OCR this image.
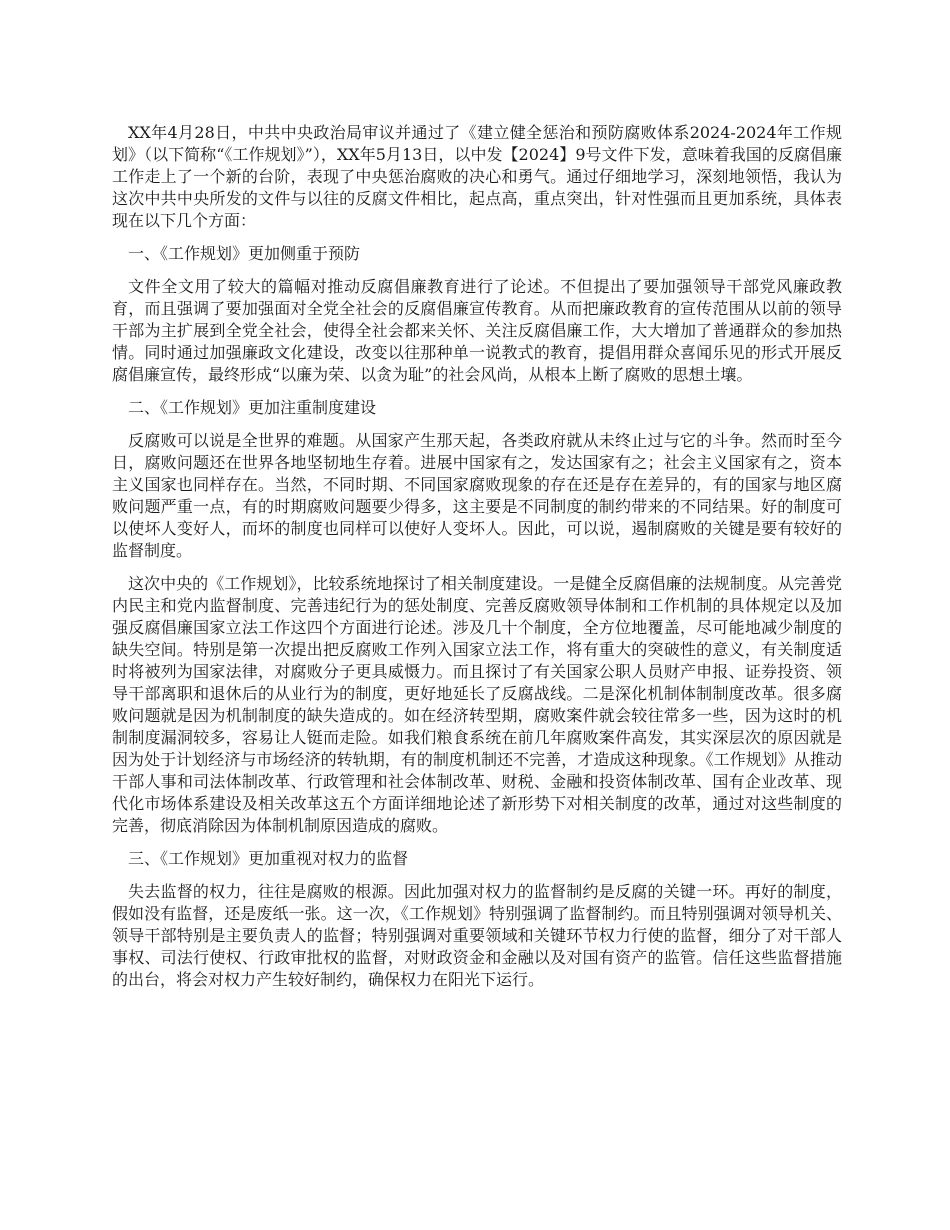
XX年4月28日，中共中央政治局审议并通过了《建立健全惩治和预防腐败体系2024-2024年工作规划》（以下简称“《工作规划》”），XX年5月13日，以中发【2024】9号文件下发，意味着我国的反腐倡廉工作走上了一个新的台阶，表现了中央惩治腐败的决心和勇气。通过仔细地学习，深刻地领悟，我认为这次中共中央所发的文件与以往的反腐文件相比，起点高，重点突出，针对性强而且更加系统，具体表现在以下几个方面：

一、《工作规划》更加侧重于预防

文件全文用了较大的篇幅对推动反腐倡廉教育进行了论述。不但提出了要加强领导干部党风廉政教育，而且强调了要加强面对全党全社会的反腐倡廉宣传教育。从而把廉政教育的宣传范围从以前的领导干部为主扩展到全党全社会，使得全社会都来关怀、关注反腐倡廉工作，大大增加了普通群众的参加热情。同时通过加强廉政文化建设，改变以往那种单一说教式的教育，提倡用群众喜闻乐见的形式开展反腐倡廉宣传，最终形成“以廉为荣、以贪为耻”的社会风尚，从根本上断了腐败的思想土壤。

二、《工作规划》更加注重制度建设

反腐败可以说是全世界的难题。从国家产生那天起，各类政府就从未终止过与它的斗争。然而时至今日，腐败问题还在世界各地坚韧地生存着。进展中国家有之，发达国家有之；社会主义国家有之，资本主义国家也同样存在。当然，不同时期、不同国家腐败现象的存在还是存在差异的，有的国家与地区腐败问题严重一点，有的时期腐败问题要少得多，这主要是不同制度的制约带来的不同结果。好的制度可以使坏人变好人，而坏的制度也同样可以使好人变坏人。因此，可以说，遏制腐败的关键是要有较好的监督制度。

这次中央的《工作规划》，比较系统地探讨了相关制度建设。一是健全反腐倡廉的法规制度。从完善党内民主和党内监督制度、完善违纪行为的惩处制度、完善反腐败领导体制和工作机制的具体规定以及加强反腐倡廉国家立法工作这四个方面进行论述。涉及几十个制度，全方位地覆盖，尽可能地减少制度的缺失空间。特别是第一次提出把反腐败工作列入国家立法工作，将有重大的突破性的意义，有关制度适时将被列为国家法律，对腐败分子更具威慑力。而且探讨了有关国家公职人员财产申报、证券投资、领导干部离职和退休后的从业行为的制度，更好地延长了反腐战线。二是深化机制体制制度改革。很多腐败问题就是因为机制制度的缺失造成的。如在经济转型期，腐败案件就会较往常多一些，因为这时的机制制度漏洞较多，容易让人铤而走险。如我们粮食系统在前几年腐败案件高发，其实深层次的原因就是因为处于计划经济与市场经济的转轨期，有的制度机制还不完善，才造成这种现象。《工作规划》从推动干部人事和司法体制改革、行政管理和社会体制改革、财税、金融和投资体制改革、国有企业改革、现代化市场体系建设及相关改革这五个方面详细地论述了新形势下对相关制度的改革，通过对这些制度的完善，彻底消除因为体制机制原因造成的腐败。

三、《工作规划》更加重视对权力的监督

失去监督的权力，往往是腐败的根源。因此加强对权力的监督制约是反腐的关键一环。再好的制度，假如没有监督，还是废纸一张。这一次，《工作规划》特别强调了监督制约。而且特别强调对领导机关、领导干部特别是主要负责人的监督；特别强调对重要领域和关键环节权力行使的监督，细分了对干部人事权、司法行使权、行政审批权的监督，对财政资金和金融以及对国有资产的监管。信任这些监督措施的出台，将会对权力产生较好制约，确保权力在阳光下运行。
